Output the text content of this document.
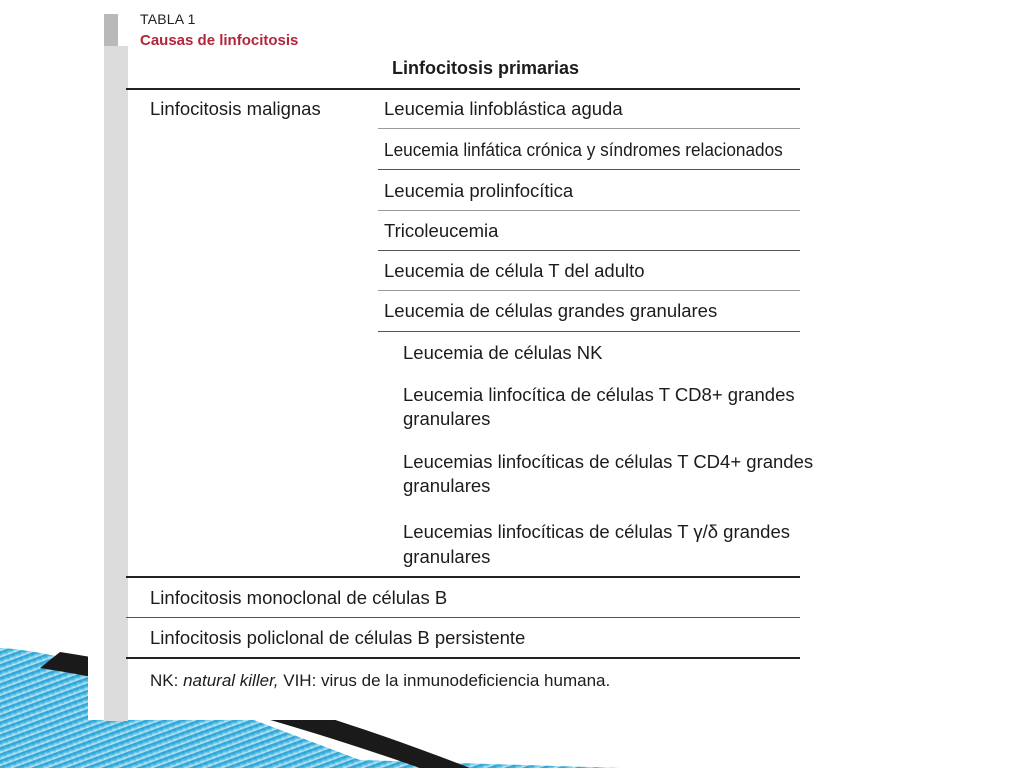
TABLA 1
Causas de linfocitosis
Linfocitosis primarias
Linfocitosis malignas	Leucemia linfoblástica aguda
Leucemia linfática crónica y síndromes relacionados
Leucemia prolinfocítica
Tricoleucemia
Leucemia de célula T del adulto
Leucemia de células grandes granulares
Leucemia de células NK
Leucemia linfocítica de células T CD8+ grandes
granulares
Leucemias linfocíticas de células T CD4+ grandes
granulares
Leucemias linfocíticas de células T γ/δ grandes
granulares
Linfocitosis monoclonal de células B
Linfocitosis policlonal de células B persistente
NK: natural killer, VIH: virus de la inmunodeficiencia humana.
